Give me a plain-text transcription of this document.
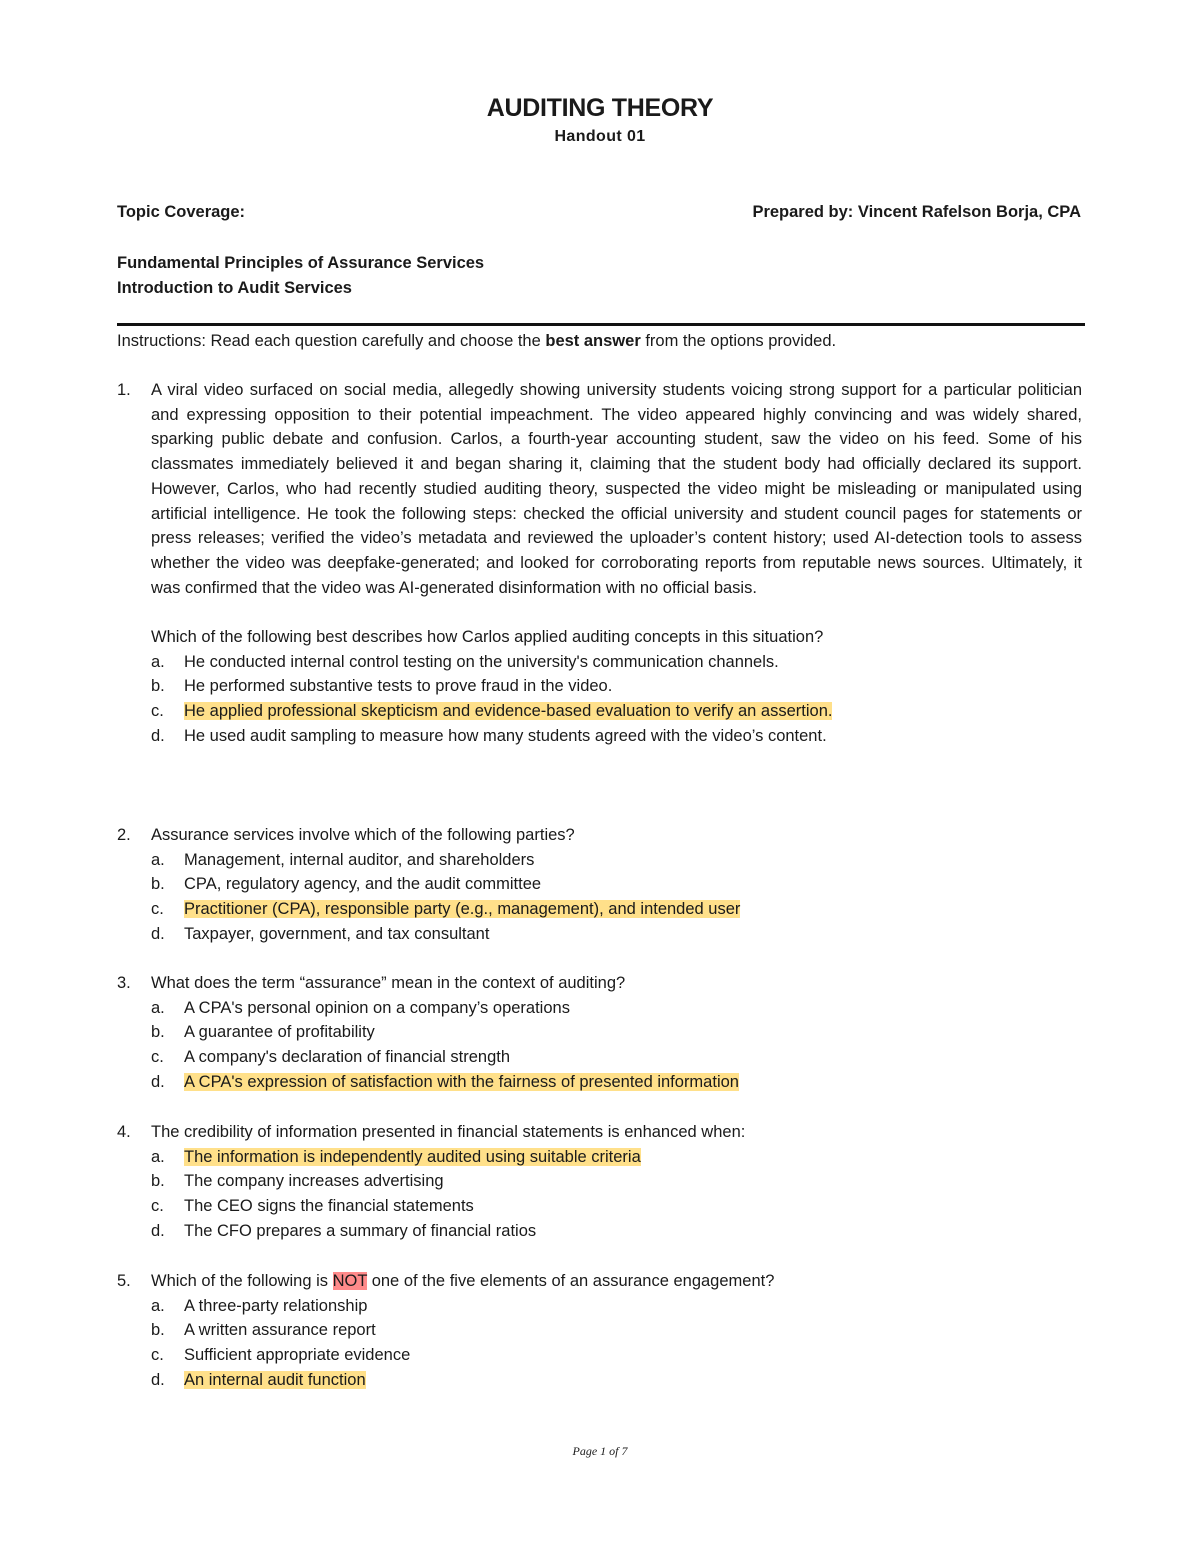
AUDITING THEORY
Handout 01
Topic Coverage:	Prepared by: Vincent Rafelson Borja, CPA
Fundamental Principles of Assurance Services
Introduction to Audit Services
Instructions: Read each question carefully and choose the best answer from the options provided.
1. A viral video surfaced on social media, allegedly showing university students voicing strong support for a particular politician and expressing opposition to their potential impeachment. The video appeared highly convincing and was widely shared, sparking public debate and confusion. Carlos, a fourth-year accounting student, saw the video on his feed. Some of his classmates immediately believed it and began sharing it, claiming that the student body had officially declared its support. However, Carlos, who had recently studied auditing theory, suspected the video might be misleading or manipulated using artificial intelligence. He took the following steps: checked the official university and student council pages for statements or press releases; verified the video’s metadata and reviewed the uploader’s content history; used AI-detection tools to assess whether the video was deepfake-generated; and looked for corroborating reports from reputable news sources. Ultimately, it was confirmed that the video was AI-generated disinformation with no official basis.
Which of the following best describes how Carlos applied auditing concepts in this situation?
a. He conducted internal control testing on the university's communication channels.
b. He performed substantive tests to prove fraud in the video.
c. He applied professional skepticism and evidence-based evaluation to verify an assertion.
d. He used audit sampling to measure how many students agreed with the video’s content.
2. Assurance services involve which of the following parties?
a. Management, internal auditor, and shareholders
b. CPA, regulatory agency, and the audit committee
c. Practitioner (CPA), responsible party (e.g., management), and intended user
d. Taxpayer, government, and tax consultant
3. What does the term “assurance” mean in the context of auditing?
a. A CPA's personal opinion on a company’s operations
b. A guarantee of profitability
c. A company's declaration of financial strength
d. A CPA's expression of satisfaction with the fairness of presented information
4. The credibility of information presented in financial statements is enhanced when:
a. The information is independently audited using suitable criteria
b. The company increases advertising
c. The CEO signs the financial statements
d. The CFO prepares a summary of financial ratios
5. Which of the following is NOT one of the five elements of an assurance engagement?
a. A three-party relationship
b. A written assurance report
c. Sufficient appropriate evidence
d. An internal audit function
Page 1 of 7
